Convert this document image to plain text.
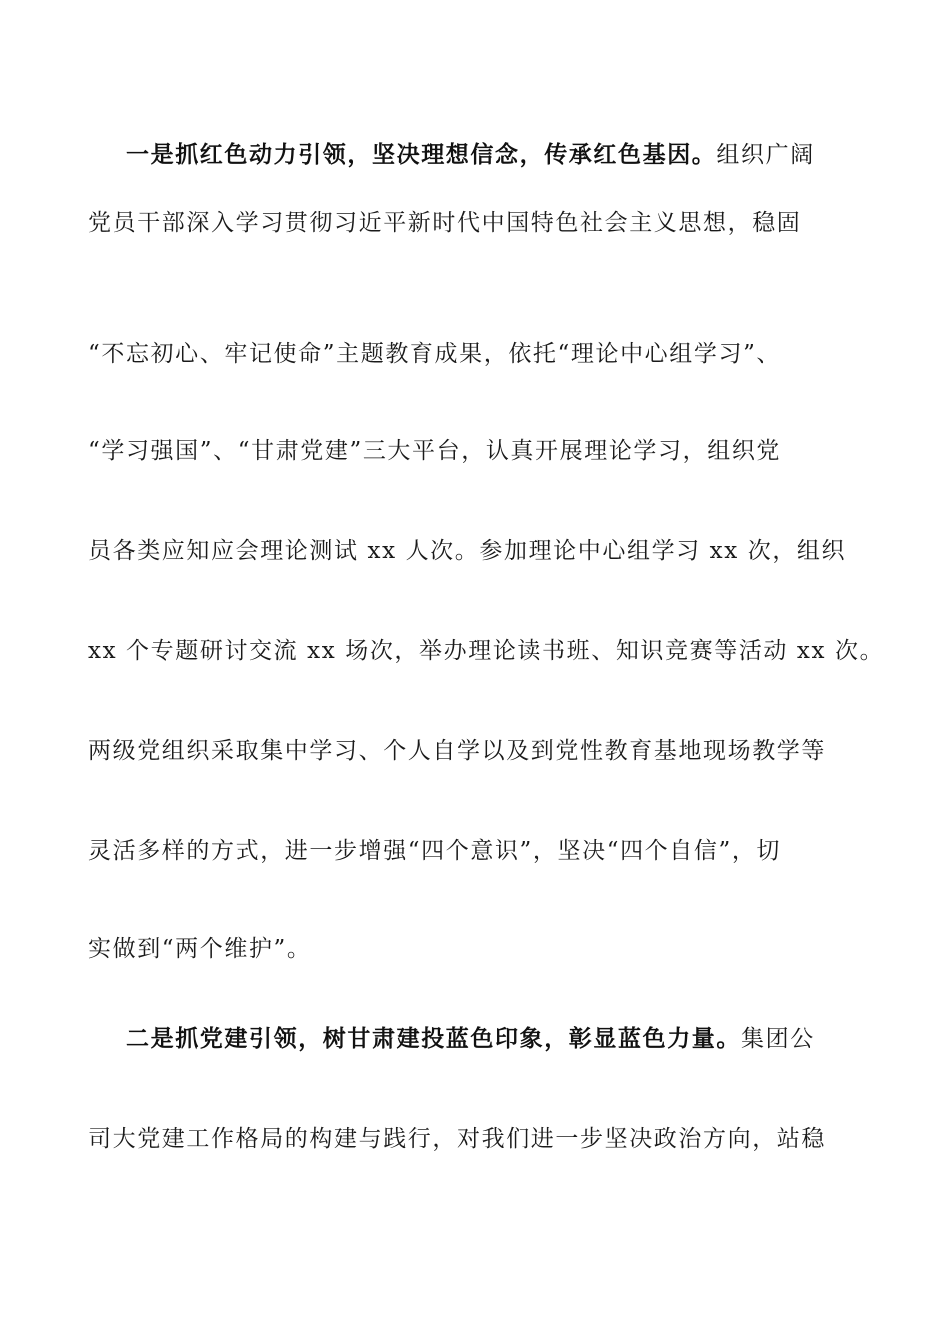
一是抓红色动力引领，坚决理想信念，传承红色基因。组织广阔
党员干部深入学习贯彻习近平新时代中国特色社会主义思想，稳固
“不忘初心、牢记使命”主题教育成果，依托“理论中心组学习”、
“学习强国”、“甘肃党建”三大平台，认真开展理论学习，组织党
员各类应知应会理论测试 xx 人次。参加理论中心组学习 xx 次，组织
xx 个专题研讨交流 xx 场次，举办理论读书班、知识竞赛等活动 xx 次。
两级党组织采取集中学习、个人自学以及到党性教育基地现场教学等
灵活多样的方式，进一步增强“四个意识”，坚决“四个自信”，切
实做到“两个维护”。
二是抓党建引领，树甘肃建投蓝色印象，彰显蓝色力量。集团公
司大党建工作格局的构建与践行，对我们进一步坚决政治方向，站稳
